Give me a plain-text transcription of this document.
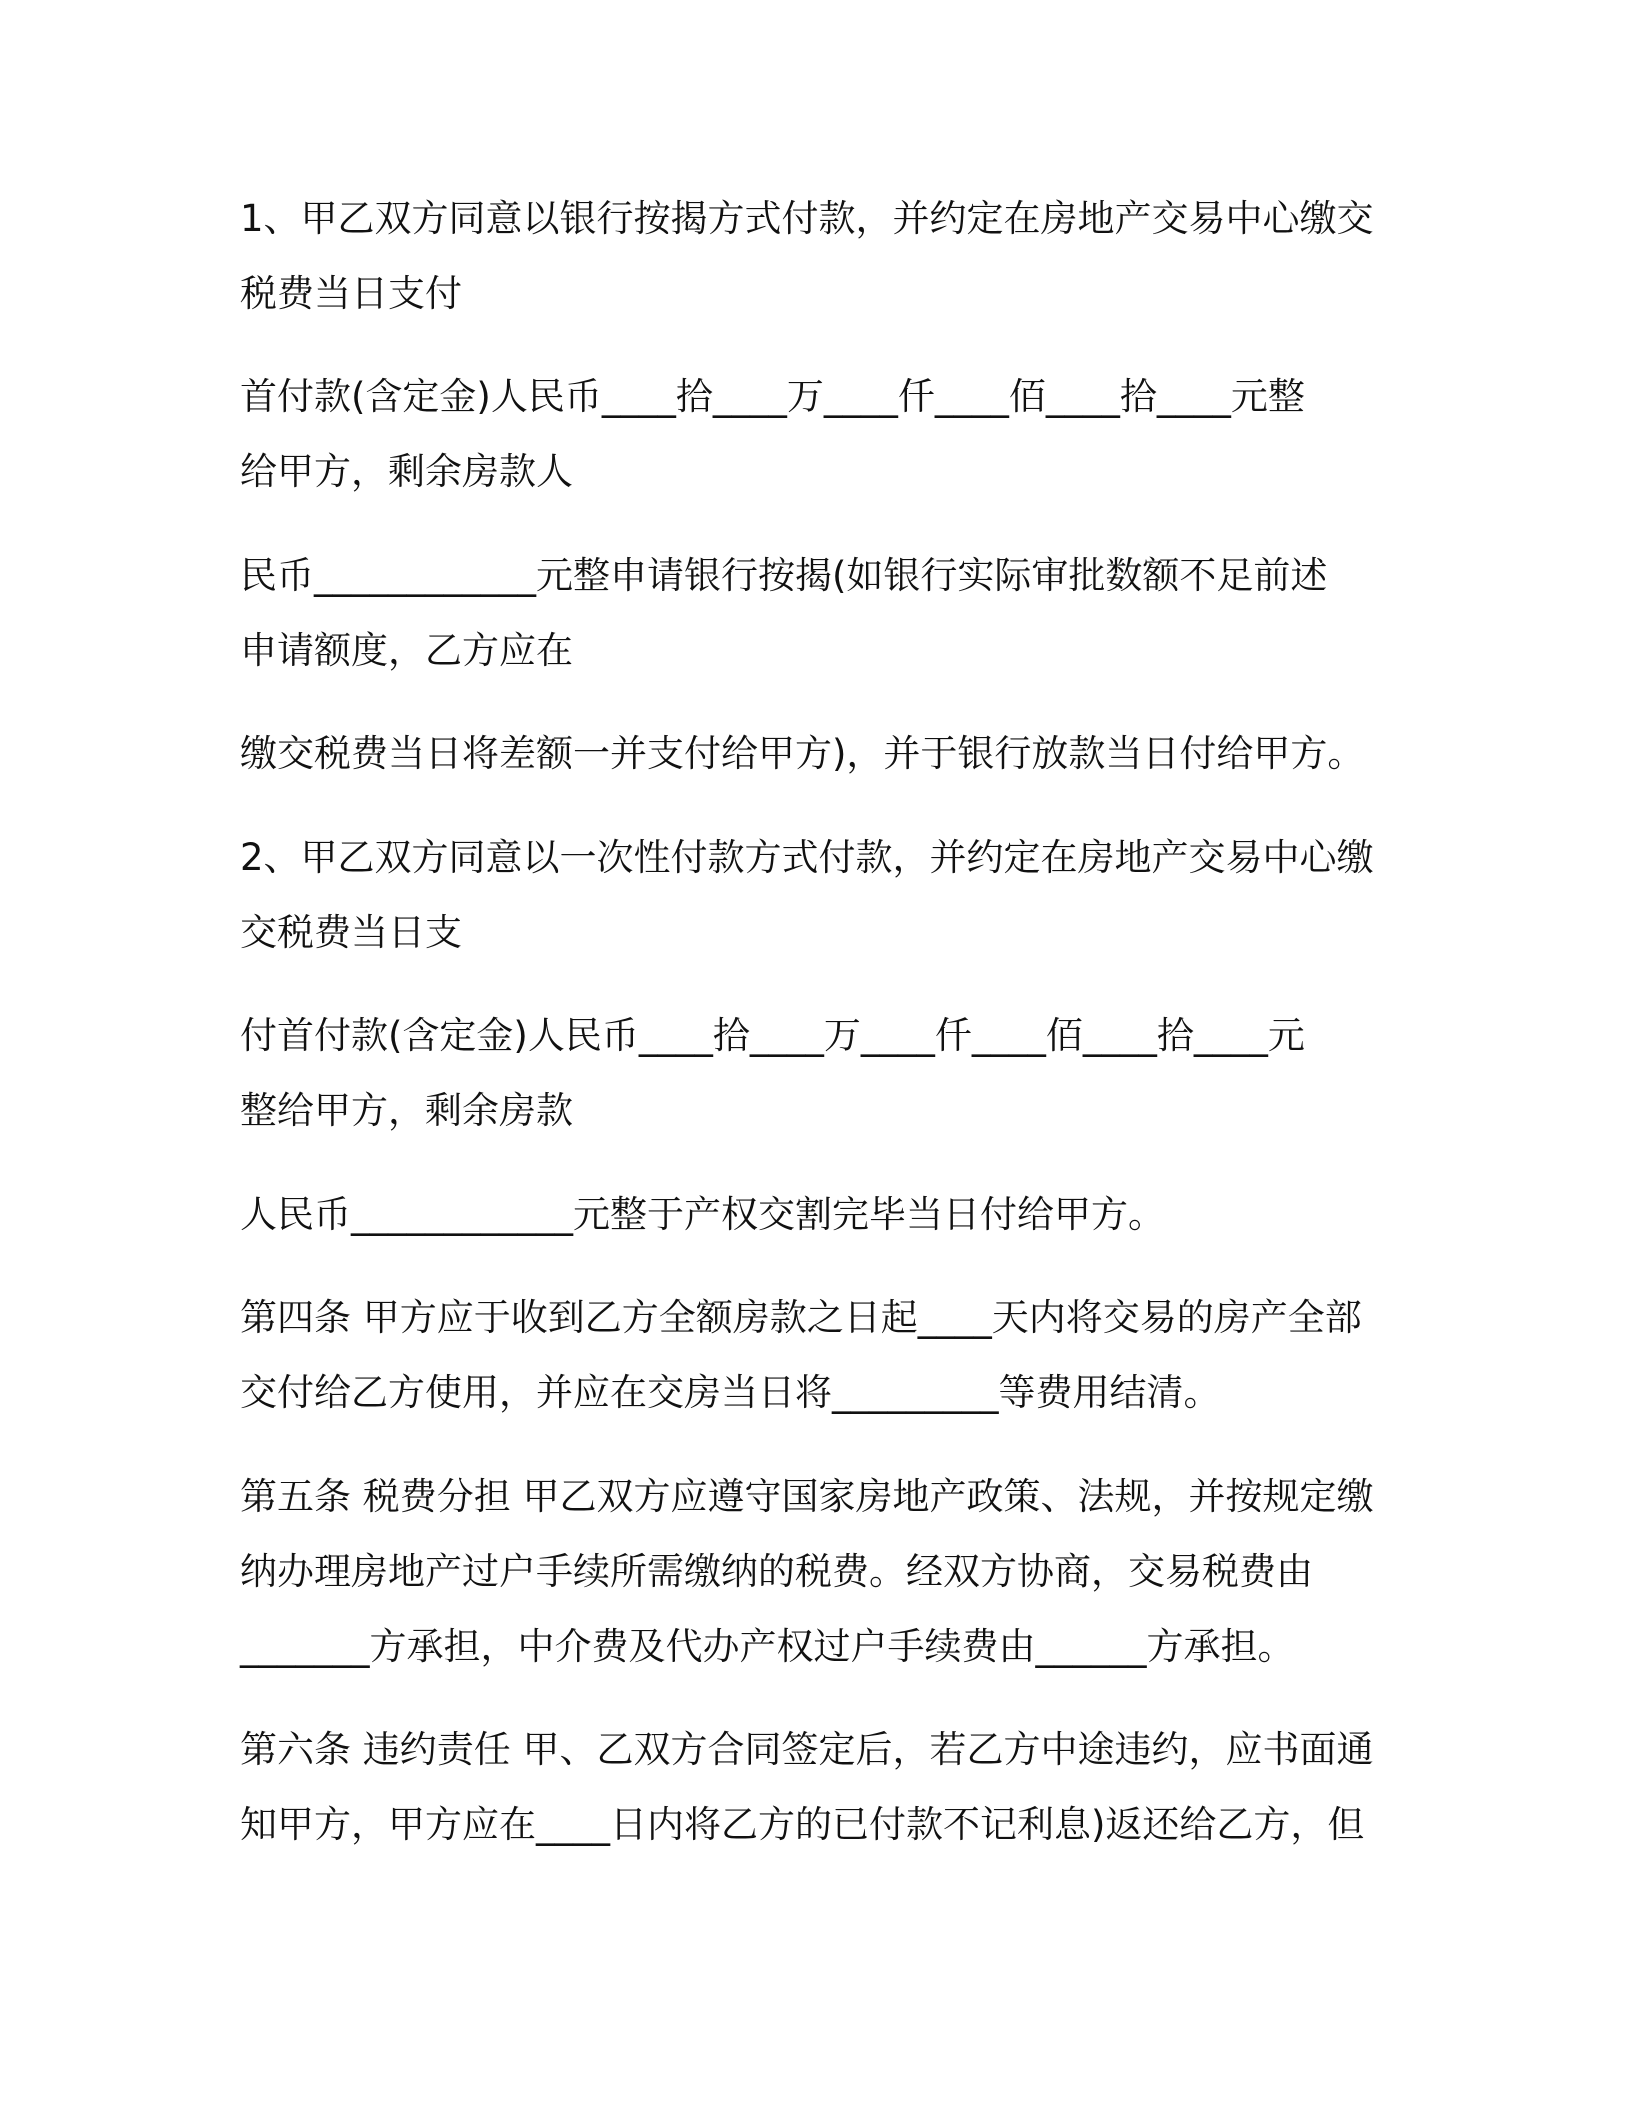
1、甲乙双方同意以银行按揭方式付款，并约定在房地产交易中心缴交

税费当日支付

首付款(含定金)人民币____拾____万____仟____佰____拾____元整

给甲方，剩余房款人

民币____________元整申请银行按揭(如银行实际审批数额不足前述

申请额度，乙方应在

缴交税费当日将差额一并支付给甲方)，并于银行放款当日付给甲方。

2、甲乙双方同意以一次性付款方式付款，并约定在房地产交易中心缴

交税费当日支

付首付款(含定金)人民币____拾____万____仟____佰____拾____元

整给甲方，剩余房款

人民币____________元整于产权交割完毕当日付给甲方。

第四条 甲方应于收到乙方全额房款之日起____天内将交易的房产全部

交付给乙方使用，并应在交房当日将_________等费用结清。

第五条 税费分担 甲乙双方应遵守国家房地产政策、法规，并按规定缴

纳办理房地产过户手续所需缴纳的税费。经双方协商，交易税费由

_______方承担，中介费及代办产权过户手续费由______方承担。

第六条 违约责任 甲、乙双方合同签定后，若乙方中途违约，应书面通

知甲方，甲方应在____日内将乙方的已付款不记利息)返还给乙方，但
